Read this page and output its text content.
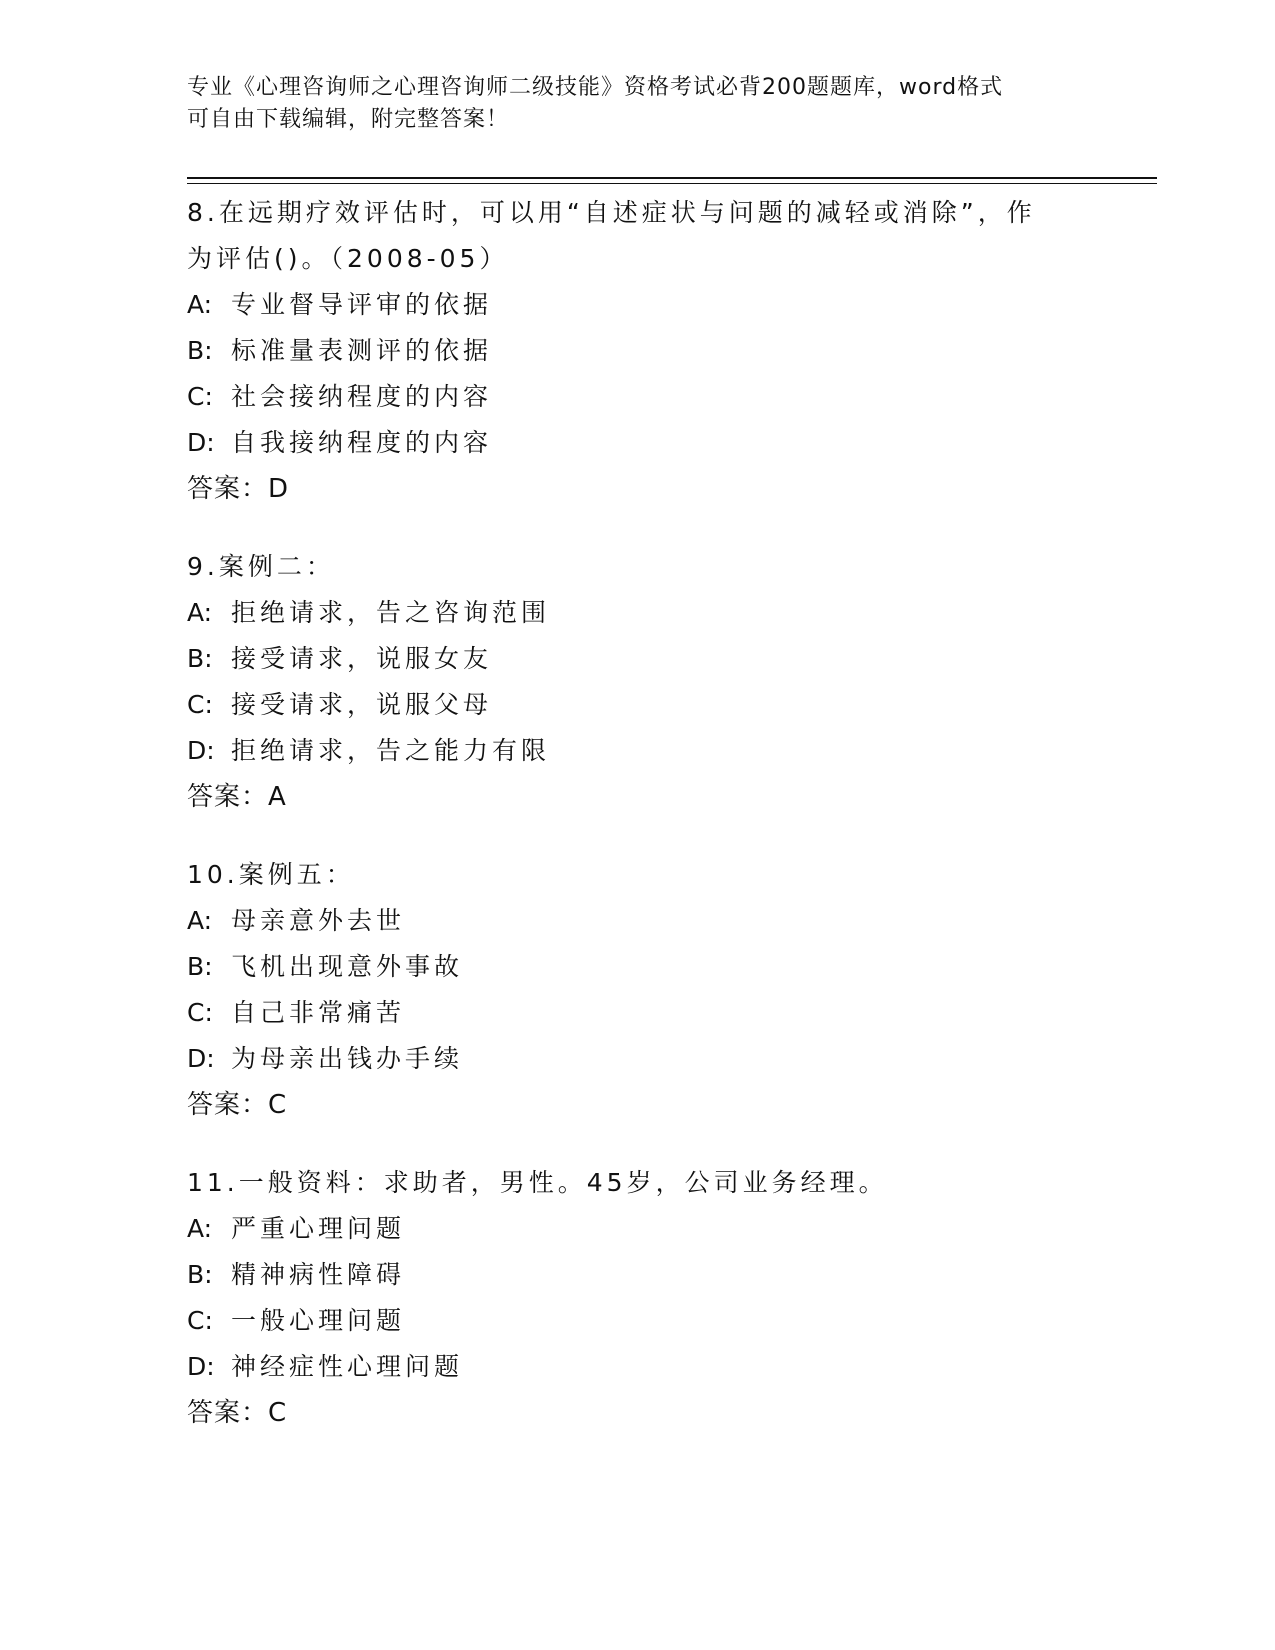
专业《心理咨询师之心理咨询师二级技能》资格考试必背200题题库，word格式
可自由下载编辑，附完整答案！
8.在远期疗效评估时，可以用“自述症状与问题的减轻或消除”，作
为评估()。（2008-05）
A: 专业督导评审的依据
B: 标准量表测评的依据
C: 社会接纳程度的内容
D: 自我接纳程度的内容
答案：D
9.案例二：
A: 拒绝请求，告之咨询范围
B: 接受请求，说服女友
C: 接受请求，说服父母
D: 拒绝请求，告之能力有限
答案：A
10.案例五：
A: 母亲意外去世
B: 飞机出现意外事故
C: 自己非常痛苦
D: 为母亲出钱办手续
答案：C
11.一般资料：求助者，男性。45岁，公司业务经理。
A: 严重心理问题
B: 精神病性障碍
C: 一般心理问题
D: 神经症性心理问题
答案：C
